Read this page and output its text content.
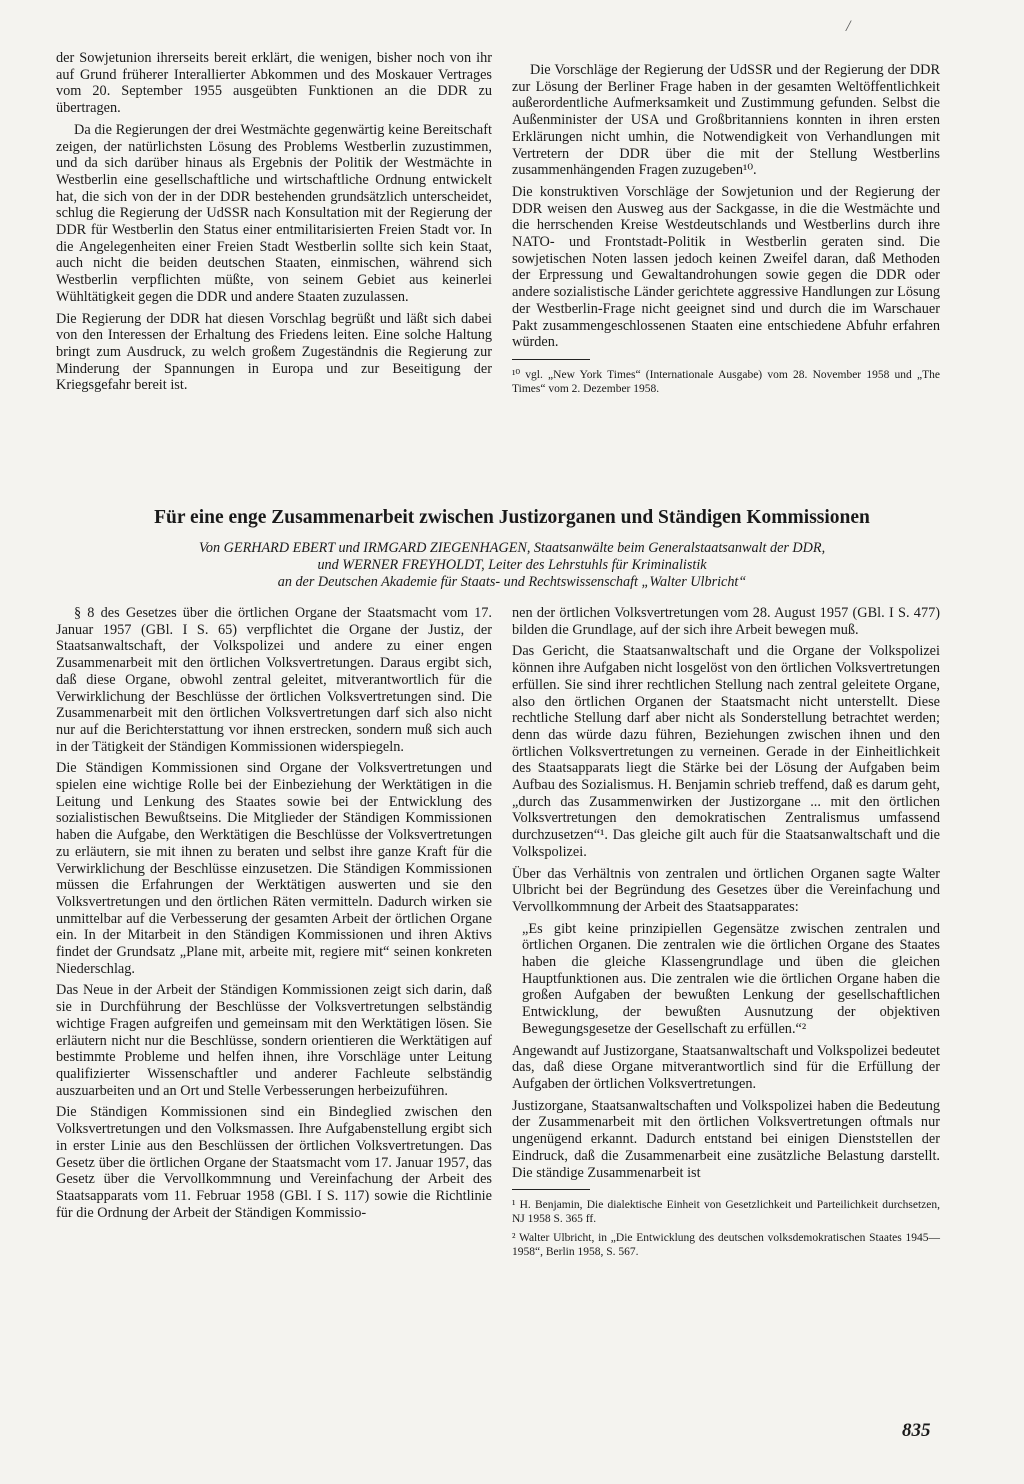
/

der Sowjetunion ihrerseits bereit erklärt, die wenigen, bisher noch von ihr auf Grund früherer Interallierter Abkommen und des Moskauer Vertrages vom 20. September 1955 ausgeübten Funktionen an die DDR zu übertragen.

Da die Regierungen der drei Westmächte gegenwärtig keine Bereitschaft zeigen, der natürlichsten Lösung des Problems Westberlin zuzustimmen, und da sich darüber hinaus als Ergebnis der Politik der Westmächte in Westberlin eine gesellschaftliche und wirtschaftliche Ordnung entwickelt hat, die sich von der in der DDR bestehenden grundsätzlich unterscheidet, schlug die Regierung der UdSSR nach Konsultation mit der Regierung der DDR für Westberlin den Status einer entmilitarisierten Freien Stadt vor. In die Angelegenheiten einer Freien Stadt Westberlin sollte sich kein Staat, auch nicht die beiden deutschen Staaten, einmischen, während sich Westberlin verpflichten müßte, von seinem Gebiet aus keinerlei Wühltätigkeit gegen die DDR und andere Staaten zuzulassen.

Die Regierung der DDR hat diesen Vorschlag begrüßt und läßt sich dabei von den Interessen der Erhaltung des Friedens leiten. Eine solche Haltung bringt zum Ausdruck, zu welch großem Zugeständnis die Regierung zur Minderung der Spannungen in Europa und zur Beseitigung der Kriegsgefahr bereit ist.

Die Vorschläge der Regierung der UdSSR und der Regierung der DDR zur Lösung der Berliner Frage haben in der gesamten Weltöffentlichkeit außerordentliche Aufmerksamkeit und Zustimmung gefunden. Selbst die Außenminister der USA und Großbritanniens konnten in ihren ersten Erklärungen nicht umhin, die Notwendigkeit von Verhandlungen mit Vertretern der DDR über die mit der Stellung Westberlins zusammenhängenden Fragen zuzugeben¹⁰.

Die konstruktiven Vorschläge der Sowjetunion und der Regierung der DDR weisen den Ausweg aus der Sackgasse, in die die Westmächte und die herrschenden Kreise Westdeutschlands und Westberlins durch ihre NATO- und Frontstadt-Politik in Westberlin geraten sind. Die sowjetischen Noten lassen jedoch keinen Zweifel daran, daß Methoden der Erpressung und Gewaltandrohungen sowie gegen die DDR oder andere sozialistische Länder gerichtete aggressive Handlungen zur Lösung der Westberlin-Frage nicht geeignet sind und durch die im Warschauer Pakt zusammengeschlossenen Staaten eine entschiedene Abfuhr erfahren würden.

¹⁰ vgl. „New York Times“ (Internationale Ausgabe) vom 28. November 1958 und „The Times“ vom 2. Dezember 1958.

Für eine enge Zusammenarbeit zwischen Justizorganen und Ständigen Kommissionen

Von GERHARD EBERT und IRMGARD ZIEGENHAGEN, Staatsanwälte beim Generalstaatsanwalt der DDR,

und WERNER FREYHOLDT, Leiter des Lehrstuhls für Kriminalistik

an der Deutschen Akademie für Staats- und Rechtswissenschaft „Walter Ulbricht“

§ 8 des Gesetzes über die örtlichen Organe der Staatsmacht vom 17. Januar 1957 (GBl. I S. 65) verpflichtet die Organe der Justiz, der Staatsanwaltschaft, der Volkspolizei und andere zu einer engen Zusammenarbeit mit den örtlichen Volksvertretungen. Daraus ergibt sich, daß diese Organe, obwohl zentral geleitet, mitverantwortlich für die Verwirklichung der Beschlüsse der örtlichen Volksvertretungen sind. Die Zusammenarbeit mit den örtlichen Volksvertretungen darf sich also nicht nur auf die Berichterstattung vor ihnen erstrecken, sondern muß sich auch in der Tätigkeit der Ständigen Kommissionen widerspiegeln.

Die Ständigen Kommissionen sind Organe der Volksvertretungen und spielen eine wichtige Rolle bei der Einbeziehung der Werktätigen in die Leitung und Lenkung des Staates sowie bei der Entwicklung des sozialistischen Bewußtseins. Die Mitglieder der Ständigen Kommissionen haben die Aufgabe, den Werktätigen die Beschlüsse der Volksvertretungen zu erläutern, sie mit ihnen zu beraten und selbst ihre ganze Kraft für die Verwirklichung der Beschlüsse einzusetzen. Die Ständigen Kommissionen müssen die Erfahrungen der Werktätigen auswerten und sie den Volksvertretungen und den örtlichen Räten vermitteln. Dadurch wirken sie unmittelbar auf die Verbesserung der gesamten Arbeit der örtlichen Organe ein. In der Mitarbeit in den Ständigen Kommissionen und ihren Aktivs findet der Grundsatz „Plane mit, arbeite mit, regiere mit“ seinen konkreten Niederschlag.

Das Neue in der Arbeit der Ständigen Kommissionen zeigt sich darin, daß sie in Durchführung der Beschlüsse der Volksvertretungen selbständig wichtige Fragen aufgreifen und gemeinsam mit den Werktätigen lösen. Sie erläutern nicht nur die Beschlüsse, sondern orientieren die Werktätigen auf bestimmte Probleme und helfen ihnen, ihre Vorschläge unter Leitung qualifizierter Wissenschaftler und anderer Fachleute selbständig auszuarbeiten und an Ort und Stelle Verbesserungen herbeizuführen.

Die Ständigen Kommissionen sind ein Bindeglied zwischen den Volksvertretungen und den Volksmassen. Ihre Aufgabenstellung ergibt sich in erster Linie aus den Beschlüssen der örtlichen Volksvertretungen. Das Gesetz über die örtlichen Organe der Staatsmacht vom 17. Januar 1957, das Gesetz über die Vervollkommnung und Vereinfachung der Arbeit des Staatsapparats vom 11. Februar 1958 (GBl. I S. 117) sowie die Richtlinie für die Ordnung der Arbeit der Ständigen Kommissio-

nen der örtlichen Volksvertretungen vom 28. August 1957 (GBl. I S. 477) bilden die Grundlage, auf der sich ihre Arbeit bewegen muß.

Das Gericht, die Staatsanwaltschaft und die Organe der Volkspolizei können ihre Aufgaben nicht losgelöst von den örtlichen Volksvertretungen erfüllen. Sie sind ihrer rechtlichen Stellung nach zentral geleitete Organe, also den örtlichen Organen der Staatsmacht nicht unterstellt. Diese rechtliche Stellung darf aber nicht als Sonderstellung betrachtet werden; denn das würde dazu führen, Beziehungen zwischen ihnen und den örtlichen Volksvertretungen zu verneinen. Gerade in der Einheitlichkeit des Staatsapparats liegt die Stärke bei der Lösung der Aufgaben beim Aufbau des Sozialismus. H. Benjamin schrieb treffend, daß es darum geht, „durch das Zusammenwirken der Justizorgane ... mit den örtlichen Volksvertretungen den demokratischen Zentralismus umfassend durchzusetzen“¹. Das gleiche gilt auch für die Staatsanwaltschaft und die Volkspolizei.

Über das Verhältnis von zentralen und örtlichen Organen sagte Walter Ulbricht bei der Begründung des Gesetzes über die Vereinfachung und Vervollkommnung der Arbeit des Staatsapparates:

„Es gibt keine prinzipiellen Gegensätze zwischen zentralen und örtlichen Organen. Die zentralen wie die örtlichen Organe des Staates haben die gleiche Klassengrundlage und üben die gleichen Hauptfunktionen aus. Die zentralen wie die örtlichen Organe haben die großen Aufgaben der bewußten Lenkung der gesellschaftlichen Entwicklung, der bewußten Ausnutzung der objektiven Bewegungsgesetze der Gesellschaft zu erfüllen.“²

Angewandt auf Justizorgane, Staatsanwaltschaft und Volkspolizei bedeutet das, daß diese Organe mitverantwortlich sind für die Erfüllung der Aufgaben der örtlichen Volksvertretungen.

Justizorgane, Staatsanwaltschaften und Volkspolizei haben die Bedeutung der Zusammenarbeit mit den örtlichen Volksvertretungen oftmals nur ungenügend erkannt. Dadurch entstand bei einigen Dienststellen der Eindruck, daß die Zusammenarbeit eine zusätzliche Belastung darstellt. Die ständige Zusammenarbeit ist

¹ H. Benjamin, Die dialektische Einheit von Gesetzlichkeit und Parteilichkeit durchsetzen, NJ 1958 S. 365 ff.

² Walter Ulbricht, in „Die Entwicklung des deutschen volksdemokratischen Staates 1945—1958“, Berlin 1958, S. 567.

835
